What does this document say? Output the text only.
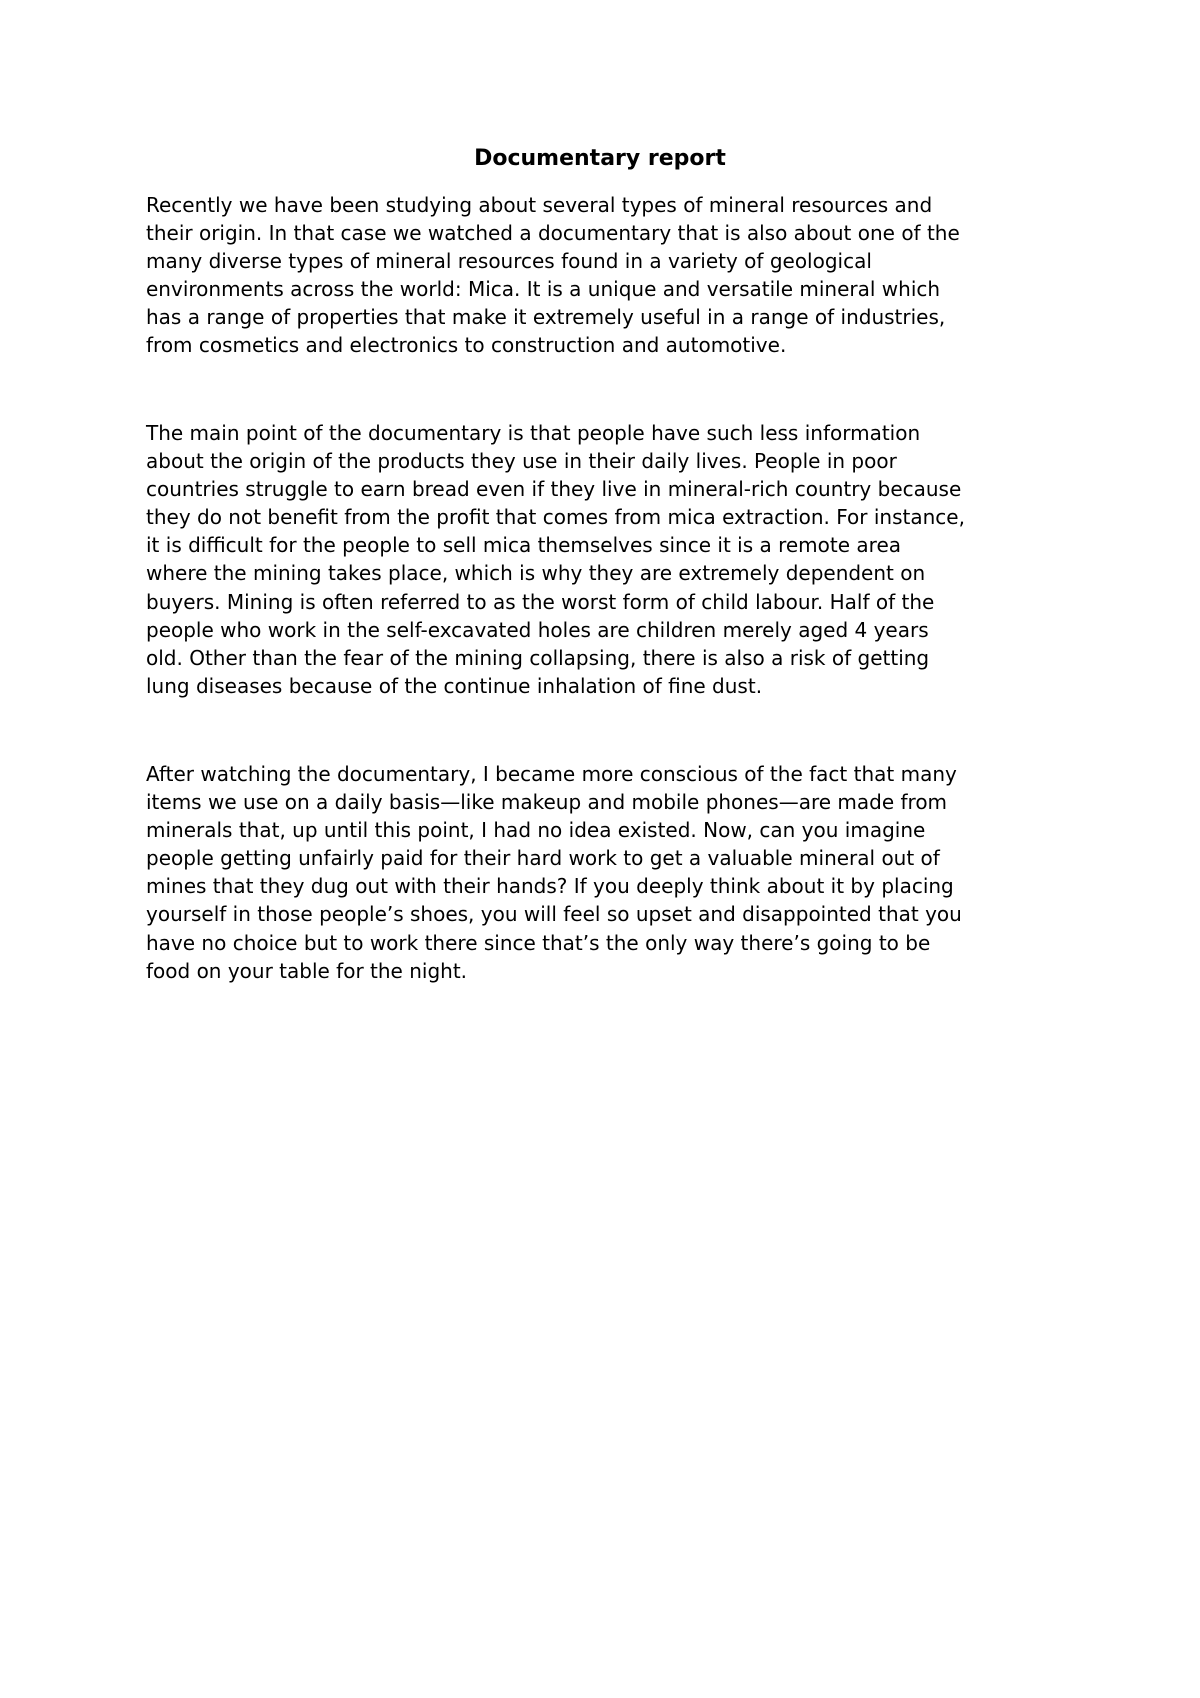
Documentary report

Recently we have been studying about several types of mineral resources and
their origin. In that case we watched a documentary that is also about one of the
many diverse types of mineral resources found in a variety of geological
environments across the world: Mica. It is a unique and versatile mineral which
has a range of properties that make it extremely useful in a range of industries,
from cosmetics and electronics to construction and automotive.

The main point of the documentary is that people have such less information
about the origin of the products they use in their daily lives. People in poor
countries struggle to earn bread even if they live in mineral-rich country because
they do not benefit from the profit that comes from mica extraction. For instance,
it is difficult for the people to sell mica themselves since it is a remote area
where the mining takes place, which is why they are extremely dependent on
buyers. Mining is often referred to as the worst form of child labour. Half of the
people who work in the self-excavated holes are children merely aged 4 years
old. Other than the fear of the mining collapsing, there is also a risk of getting
lung diseases because of the continue inhalation of fine dust.

After watching the documentary, I became more conscious of the fact that many
items we use on a daily basis—like makeup and mobile phones—are made from
minerals that, up until this point, I had no idea existed. Now, can you imagine
people getting unfairly paid for their hard work to get a valuable mineral out of
mines that they dug out with their hands? If you deeply think about it by placing
yourself in those people’s shoes, you will feel so upset and disappointed that you
have no choice but to work there since that’s the only way there’s going to be
food on your table for the night.
